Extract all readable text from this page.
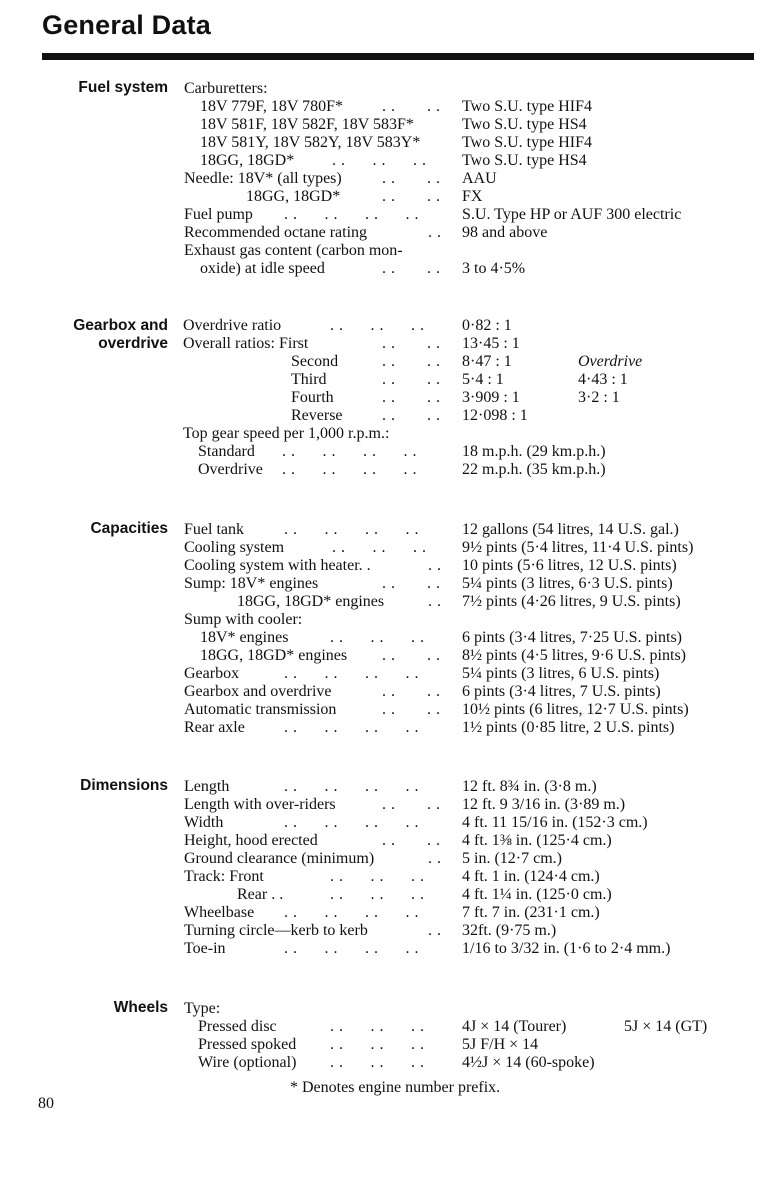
General Data
Fuel system Carburetters:
18V 779F, 18V 780F* . .       . . Two S.U. type HIF4
18V 581F, 18V 582F, 18V 583F*	Two S.U. type HS4
18V 581Y, 18V 582Y, 18V 583Y*	Two S.U. type HIF4
18GG, 18GD* . .      . .      . . Two S.U. type HS4
Needle: 18V* (all types)	. .       . . AAU
18GG, 18GD*	. .       . . FX
Fuel pump . .      . .      . .      . .	S.U. Type HP or AUF 300 electric
Recommended octane rating	. . 98 and above
Exhaust gas content (carbon mon-
oxide) at idle speed	. .       . . 3 to 4·5%
Gearbox and
overdrive
Overdrive ratio	. .      . .      . . 0·82 : 1
Overall ratios: First	. .       . . 13·45 : 1
Second	. .       . . 8·47 : 1	Overdrive
Third	. .       . . 5·4 : 1	4·43 : 1
Fourth	. .       . . 3·909 : 1	3·2 : 1
Reverse . .       . . 12·098 : 1
Top gear speed per 1,000 r.p.m.:
Standard . .      . .      . .      . .	18 m.p.h. (29 km.p.h.)
Overdrive . .      . .      . .      . .	22 m.p.h. (35 km.p.h.)
Capacities Fuel tank	. .      . .      . .      . .	12 gallons (54 litres, 14 U.S. gal.)
Cooling system	. .      . .      . . 9½ pints (5·4 litres, 11·4 U.S. pints)
Cooling system with heater. .	. . 10 pints (5·6 litres, 12 U.S. pints)
Sump: 18V* engines	. .       . . 5¼ pints (3 litres, 6·3 U.S. pints)
18GG, 18GD* engines	. . 7½ pints (4·26 litres, 9 U.S. pints)
Sump with cooler:
18V* engines	. .      . .      . . 6 pints (3·4 litres, 7·25 U.S. pints)
18GG, 18GD* engines . .       . . 8½ pints (4·5 litres, 9·6 U.S. pints)
Gearbox	. .      . .      . .      . .	5¼ pints (3 litres, 6 U.S. pints)
Gearbox and overdrive	. .       . . 6 pints (3·4 litres, 7 U.S. pints)
Automatic transmission	. .       . . 10½ pints (6 litres, 12·7 U.S. pints)
Rear axle . .      . .      . .      . .	1½ pints (0·85 litre, 2 U.S. pints)
Dimensions Length	. .      . .      . .      . .	12 ft. 8¾ in. (3·8 m.)
Length with over-riders	. .       . . 12 ft. 9 3/16 in. (3·89 m.)
Width	. .      . .      . .      . .	4 ft. 11 15/16 in. (152·3 cm.)
Height, hood erected	. .       . . 4 ft. 1⅜ in. (125·4 cm.)
Ground clearance (minimum)	. . 5 in. (12·7 cm.)
Track: Front	. .      . .      . . 4 ft. 1 in. (124·4 cm.)
Rear . .	. .      . .      . . 4 ft. 1¼ in. (125·0 cm.)
Wheelbase . .      . .      . .      . .	7 ft. 7 in. (231·1 cm.)
Turning circle—kerb to kerb	. . 32ft. (9·75 m.)
Toe-in	. .      . .      . .      . .	1/16 to 3/32 in. (1·6 to 2·4 mm.)
Wheels Type:
Pressed disc	. .      . .      . . 4J × 14 (Tourer)	5J × 14 (GT)
Pressed spoked . .      . .      . . 5J F/H × 14
Wire (optional) . .      . .      . . 4½J × 14 (60-spoke)
* Denotes engine number prefix.
80
